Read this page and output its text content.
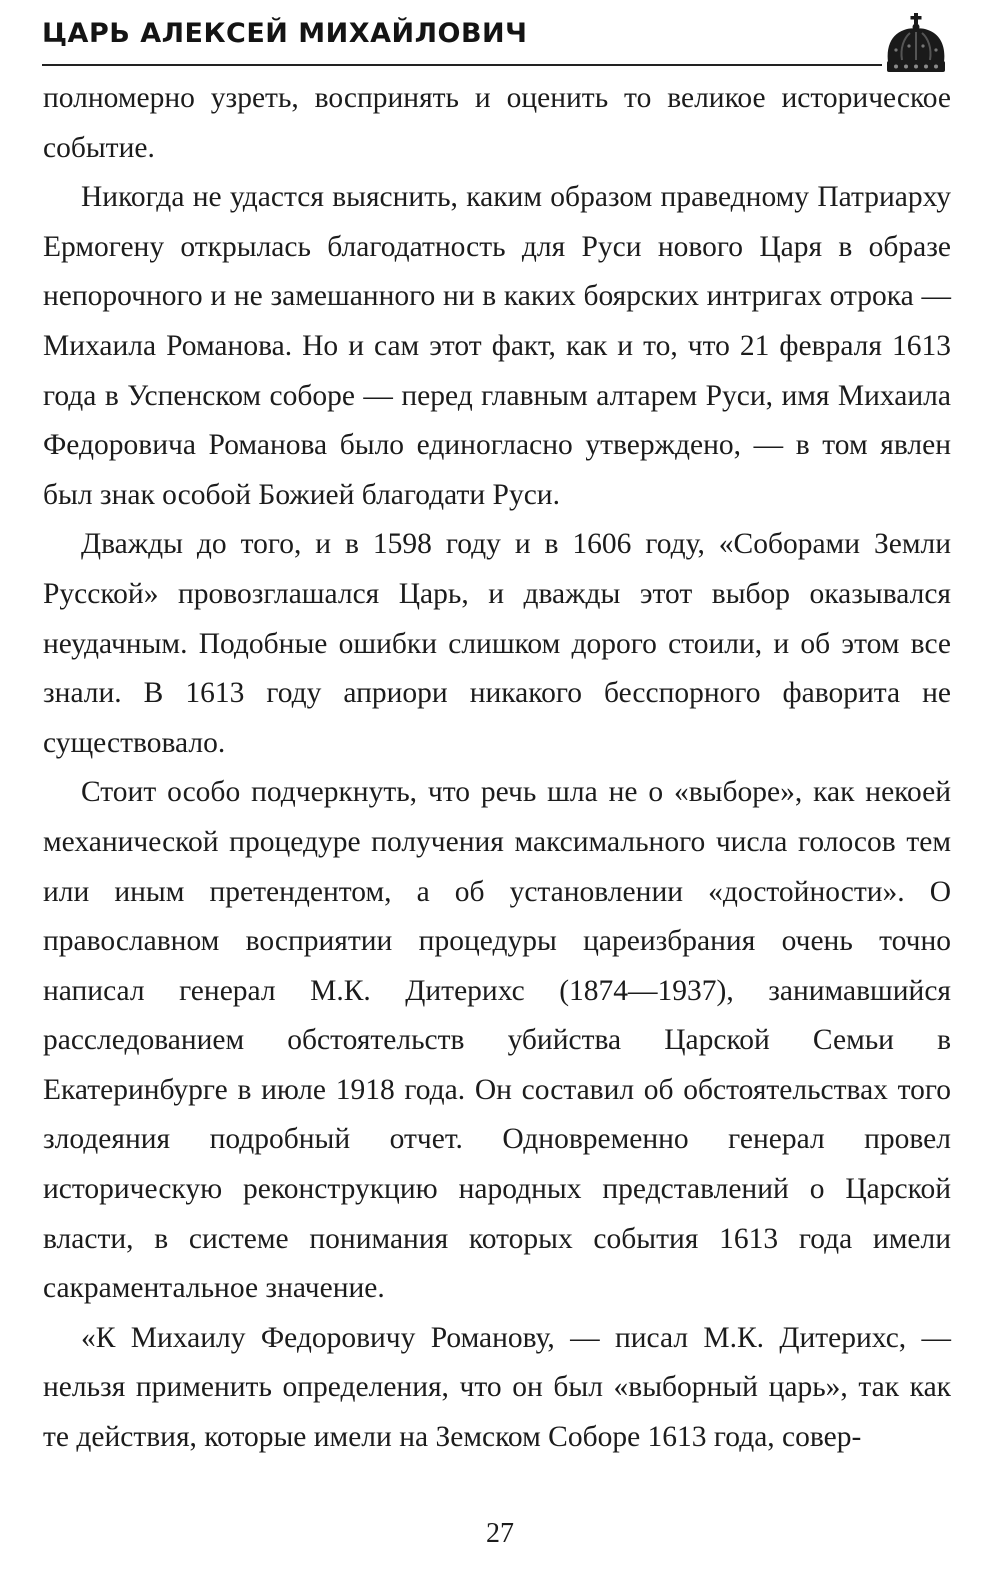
ЦАРЬ АЛЕКСЕЙ МИХАЙЛОВИЧ

полномерно узреть, воспринять и оценить то великое историческое событие.

Никогда не удастся выяснить, каким образом праведному Патриарху Ермогену открылась благодатность для Руси нового Царя в образе непорочного и не замешанного ни в каких боярских интригах отрока — Михаила Романова. Но и сам этот факт, как и то, что 21 февраля 1613 года в Успенском соборе — перед главным алтарем Руси, имя Михаила Федоровича Романова было единогласно утверждено, — в том явлен был знак особой Божией благодати Руси.

Дважды до того, и в 1598 году и в 1606 году, «Соборами Земли Русской» провозглашался Царь, и дважды этот выбор оказывался неудачным. Подобные ошибки слишком дорого стоили, и об этом все знали. В 1613 году априори никакого бесспорного фаворита не существовало.

Стоит особо подчеркнуть, что речь шла не о «выборе», как некоей механической процедуре получения максимального числа голосов тем или иным претендентом, а об установлении «достойности». О православном восприятии процедуры цареизбрания очень точно написал генерал М.К. Дитерихс (1874—1937), занимавшийся расследованием обстоятельств убийства Царской Семьи в Екатеринбурге в июле 1918 года. Он составил об обстоятельствах того злодеяния подробный отчет. Одновременно генерал провел историческую реконструкцию народных представлений о Царской власти, в системе понимания которых события 1613 года имели сакраментальное значение.

«К Михаилу Федоровичу Романову, — писал М.К. Дитерихс, — нельзя применить определения, что он был «выборный царь», так как те действия, которые имели на Земском Соборе 1613 года, совер-

27
